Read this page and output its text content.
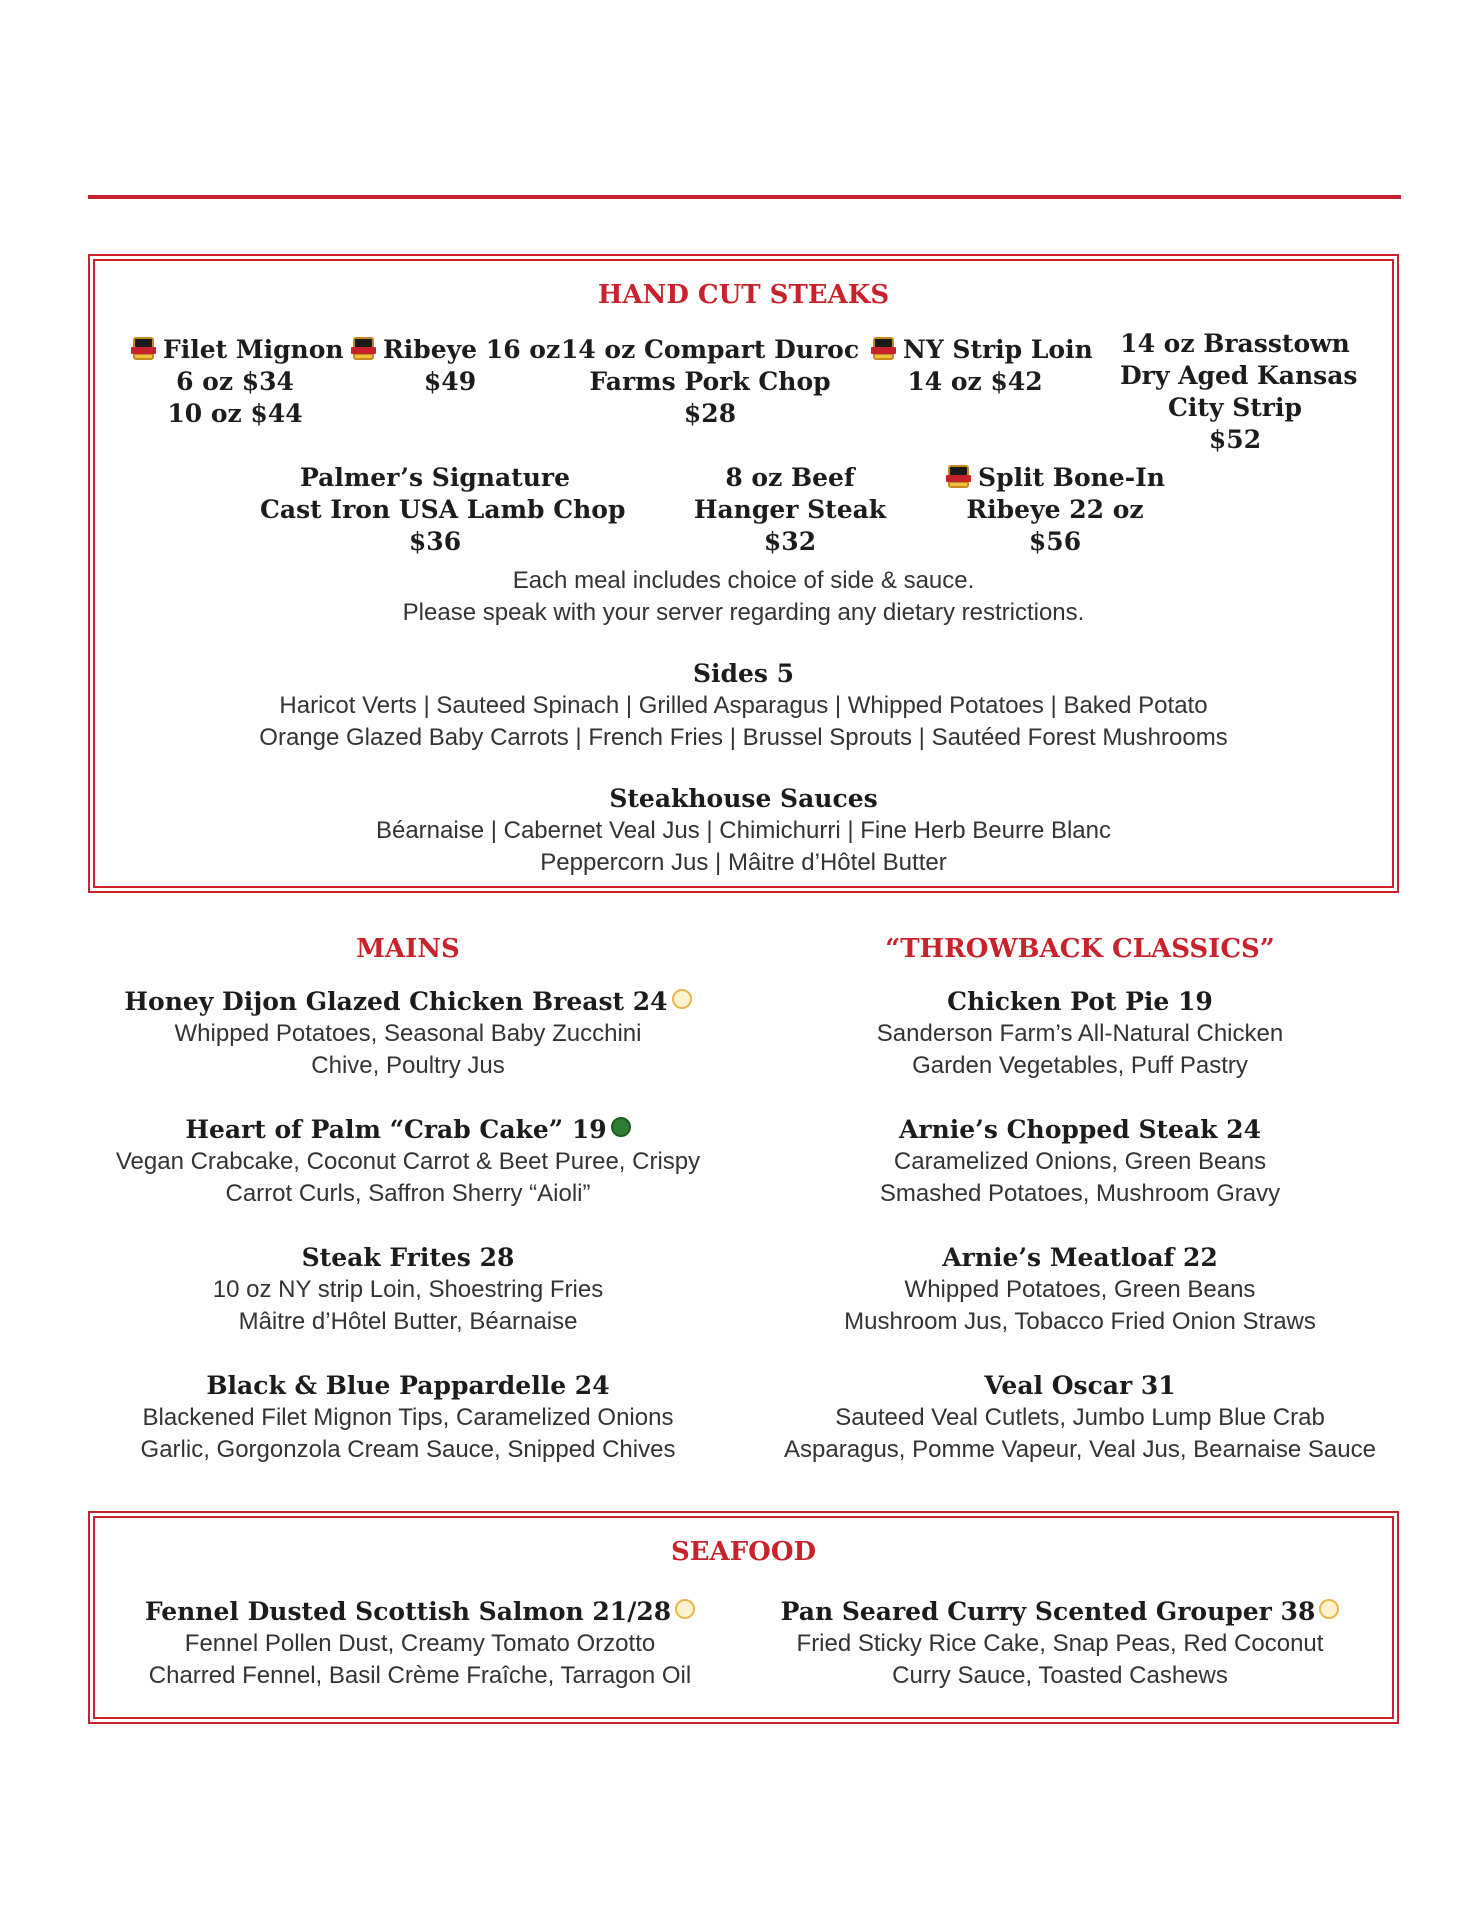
HAND CUT STEAKS
Filet Mignon
6 oz $34
10 oz $44
Ribeye 16 oz
$49
14 oz Compart Duroc
Farms Pork Chop
$28
NY Strip Loin
14 oz $42
14 oz Brasstown
Dry Aged Kansas
City Strip
$52
Palmer’s Signature
Cast Iron USA Lamb Chop
$36
8 oz Beef
Hanger Steak
$32
Split Bone-In
Ribeye 22 oz
$56
Each meal includes choice of side & sauce.
Please speak with your server regarding any dietary restrictions.
Sides 5
Haricot Verts | Sauteed Spinach | Grilled Asparagus | Whipped Potatoes | Baked Potato
Orange Glazed Baby Carrots | French Fries | Brussel Sprouts | Sautéed Forest Mushrooms
Steakhouse Sauces
Béarnaise | Cabernet Veal Jus | Chimichurri | Fine Herb Beurre Blanc
Peppercorn Jus | Mâitre d’Hôtel Butter
MAINS
Honey Dijon Glazed Chicken Breast 24
Whipped Potatoes, Seasonal Baby Zucchini
Chive, Poultry Jus
Heart of Palm “Crab Cake” 19
Vegan Crabcake, Coconut Carrot & Beet Puree, Crispy
Carrot Curls, Saffron Sherry “Aioli”
Steak Frites 28
10 oz NY strip Loin, Shoestring Fries
Mâitre d’Hôtel Butter, Béarnaise
Black & Blue Pappardelle 24
Blackened Filet Mignon Tips, Caramelized Onions
Garlic, Gorgonzola Cream Sauce, Snipped Chives
“THROWBACK CLASSICS”
Chicken Pot Pie 19
Sanderson Farm’s All-Natural Chicken
Garden Vegetables, Puff Pastry
Arnie’s Chopped Steak 24
Caramelized Onions, Green Beans
Smashed Potatoes, Mushroom Gravy
Arnie’s Meatloaf 22
Whipped Potatoes, Green Beans
Mushroom Jus, Tobacco Fried Onion Straws
Veal Oscar 31
Sauteed Veal Cutlets, Jumbo Lump Blue Crab
Asparagus, Pomme Vapeur, Veal Jus, Bearnaise Sauce
SEAFOOD
Fennel Dusted Scottish Salmon 21/28
Fennel Pollen Dust, Creamy Tomato Orzotto
Charred Fennel, Basil Crème Fraîche, Tarragon Oil
Pan Seared Curry Scented Grouper 38
Fried Sticky Rice Cake, Snap Peas, Red Coconut
Curry Sauce, Toasted Cashews
